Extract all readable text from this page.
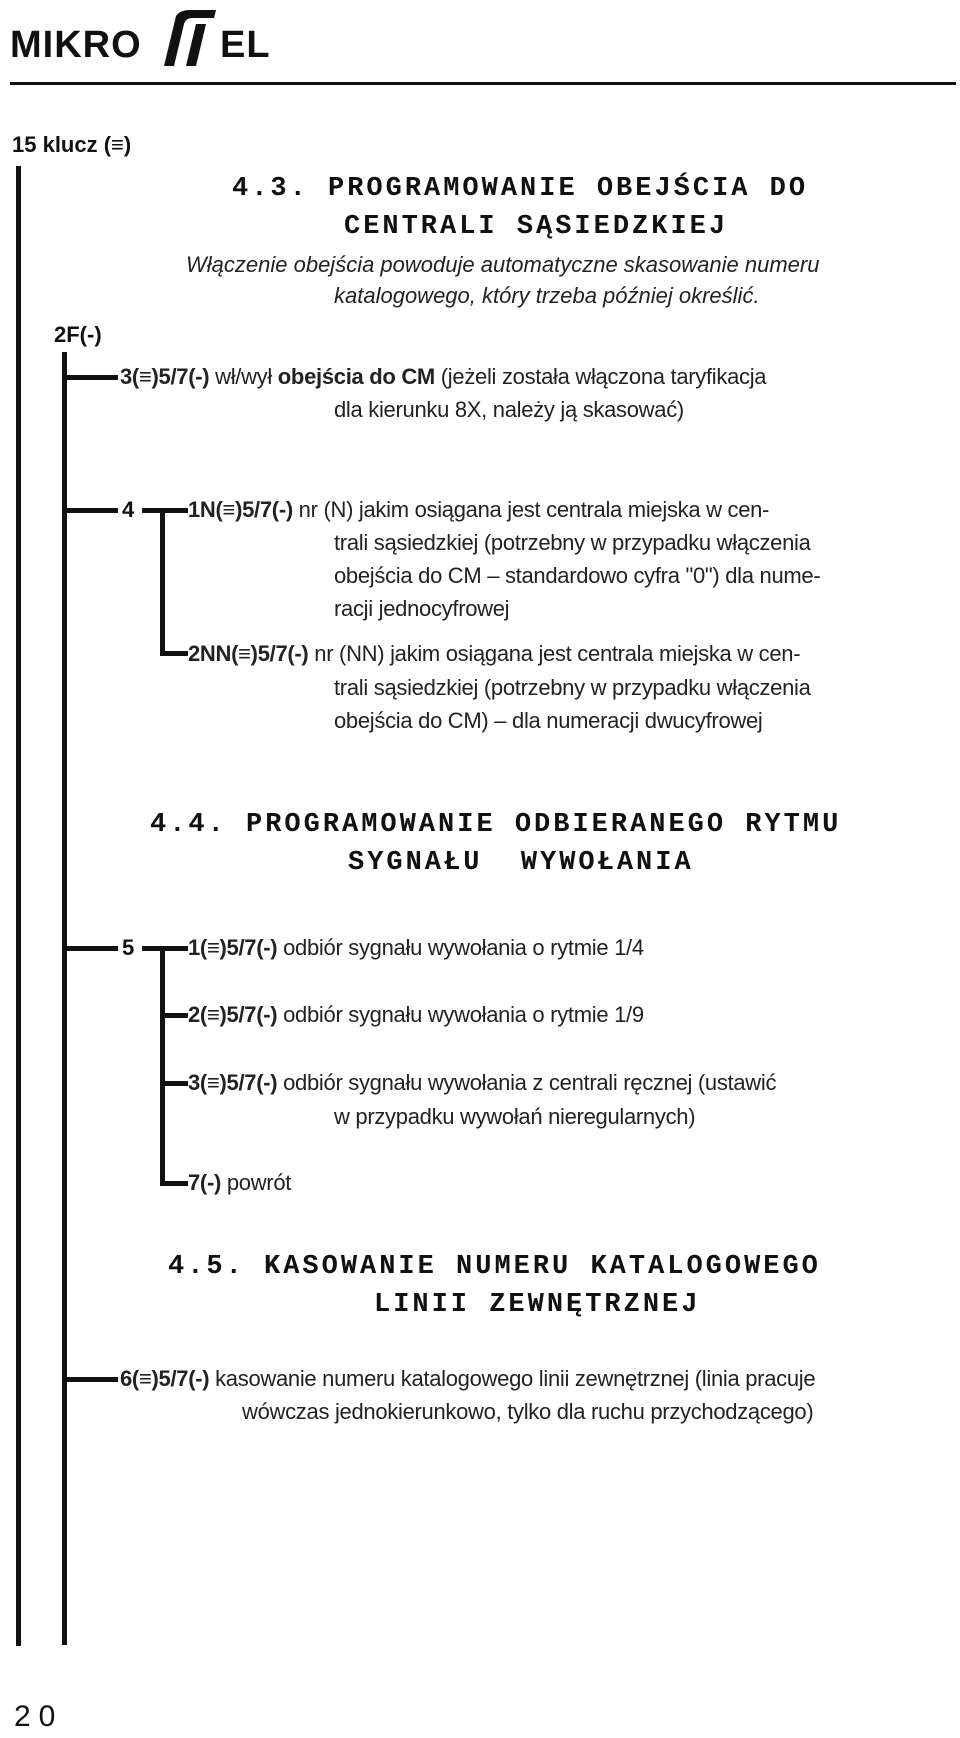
MIKRO EL
15 klucz (≡)
4.3. PROGRAMOWANIE OBEJŚCIA DO
CENTRALI SĄSIEDZKIEJ
Włączenie obejścia powoduje automatyczne skasowanie numeru
katalogowego, który trzeba później określić.
2F(-)
3(≡)5/7(-) wł/wył obejścia do CM (jeżeli została włączona taryfikacja
dla kierunku 8X, należy ją skasować)
4 1N(≡)5/7(-) nr (N) jakim osiągana jest centrala miejska w cen-
trali sąsiedzkiej (potrzebny w przypadku włączenia
obejścia do CM – standardowo cyfra "0") dla nume-
racji jednocyfrowej
2NN(≡)5/7(-) nr (NN) jakim osiągana jest centrala miejska w cen-
trali sąsiedzkiej (potrzebny w przypadku włączenia
obejścia do CM) – dla numeracji dwucyfrowej
4.4. PROGRAMOWANIE ODBIERANEGO RYTMU
SYGNAŁU  WYWOŁANIA
5 1(≡)5/7(-) odbiór sygnału wywołania o rytmie 1/4
2(≡)5/7(-) odbiór sygnału wywołania o rytmie 1/9
3(≡)5/7(-) odbiór sygnału wywołania z centrali ręcznej (ustawić
w przypadku wywołań nieregularnych)
7(-) powrót
4.5. KASOWANIE NUMERU KATALOGOWEGO
LINII ZEWNĘTRZNEJ
6(≡)5/7(-) kasowanie numeru katalogowego linii zewnętrznej (linia pracuje
wówczas jednokierunkowo, tylko dla ruchu przychodzącego)
20
